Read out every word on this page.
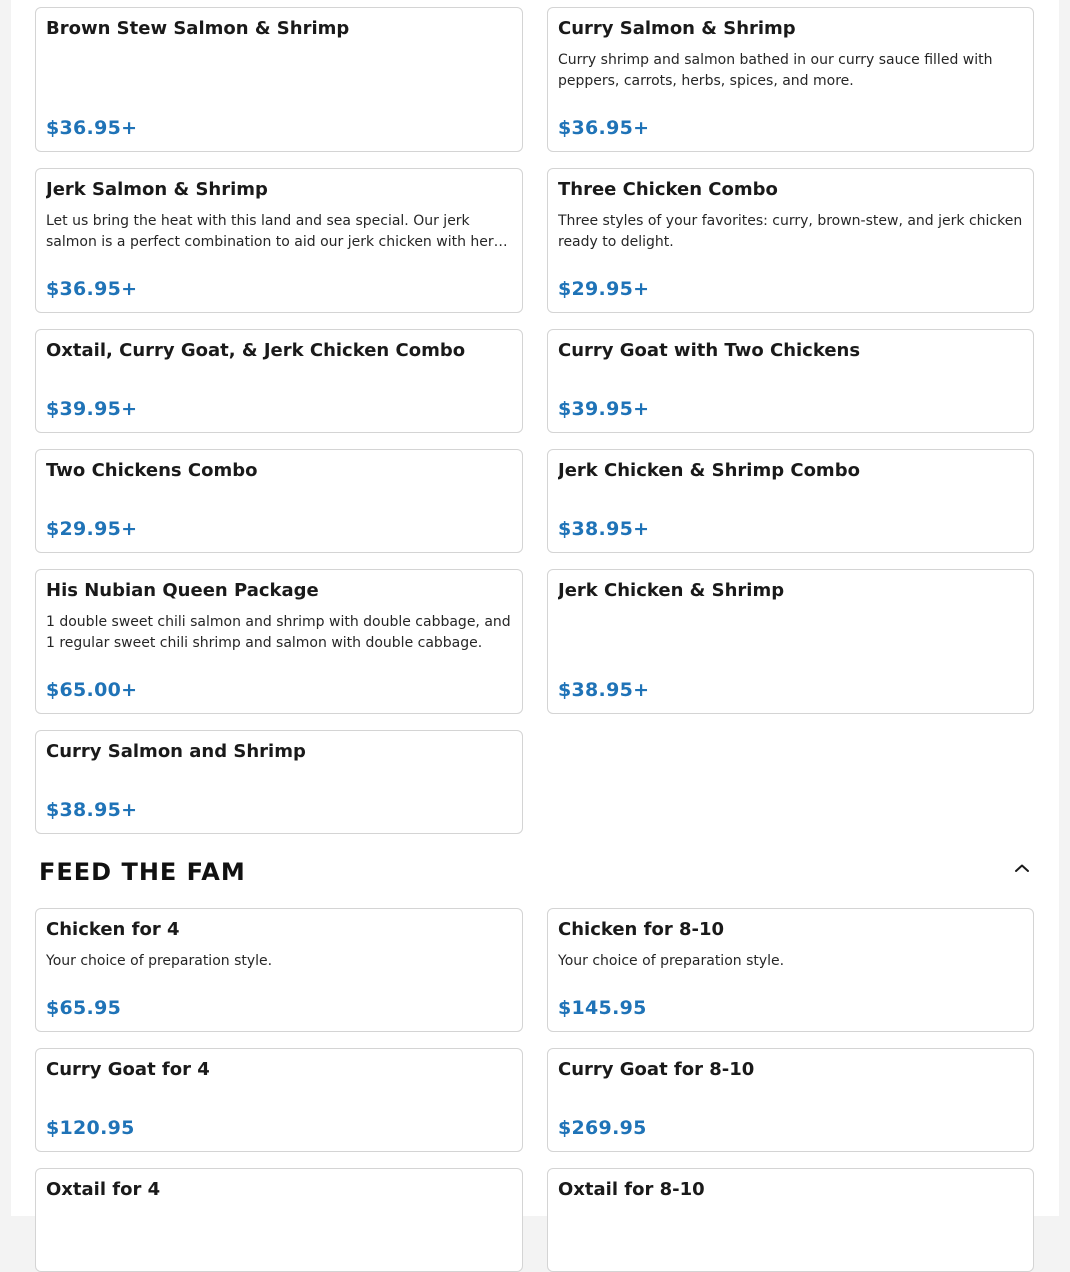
Brown Stew Salmon & Shrimp
$36.95+
Curry Salmon & Shrimp
Curry shrimp and salmon bathed in our curry sauce filled with peppers, carrots, herbs, spices, and more.
$36.95+
Jerk Salmon & Shrimp
Let us bring the heat with this land and sea special. Our jerk salmon is a perfect combination to aid our jerk chicken with her…
$36.95+
Three Chicken Combo
Three styles of your favorites: curry, brown-stew, and jerk chicken ready to delight.
$29.95+
Oxtail, Curry Goat, & Jerk Chicken Combo
$39.95+
Curry Goat with Two Chickens
$39.95+
Two Chickens Combo
$29.95+
Jerk Chicken & Shrimp Combo
$38.95+
His Nubian Queen Package
1 double sweet chili salmon and shrimp with double cabbage, and 1 regular sweet chili shrimp and salmon with double cabbage.
$65.00+
Jerk Chicken & Shrimp
$38.95+
Curry Salmon and Shrimp
$38.95+
FEED THE FAM
Chicken for 4
Your choice of preparation style.
$65.95
Chicken for 8-10
Your choice of preparation style.
$145.95
Curry Goat for 4
$120.95
Curry Goat for 8-10
$269.95
Oxtail for 4	Oxtail for 8-10
